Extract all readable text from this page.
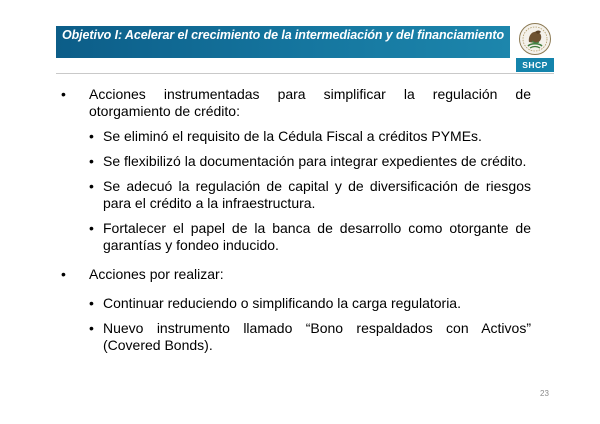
Objetivo I: Acelerar el crecimiento de la intermediación y del financiamiento
SHCP
• Acciones instrumentadas para simplificar la regulación de otorgamiento de crédito:
• Se eliminó el requisito de la Cédula Fiscal a créditos PYMEs.
• Se flexibilizó la documentación para integrar expedientes de crédito.
• Se adecuó la regulación de capital y de diversificación de riesgos para el crédito a la infraestructura.
• Fortalecer el papel de la banca de desarrollo como otorgante de garantías y fondeo inducido.
• Acciones por realizar:
• Continuar reduciendo o simplificando la carga regulatoria.
• Nuevo instrumento llamado “Bono respaldados con Activos” (Covered Bonds).
23
